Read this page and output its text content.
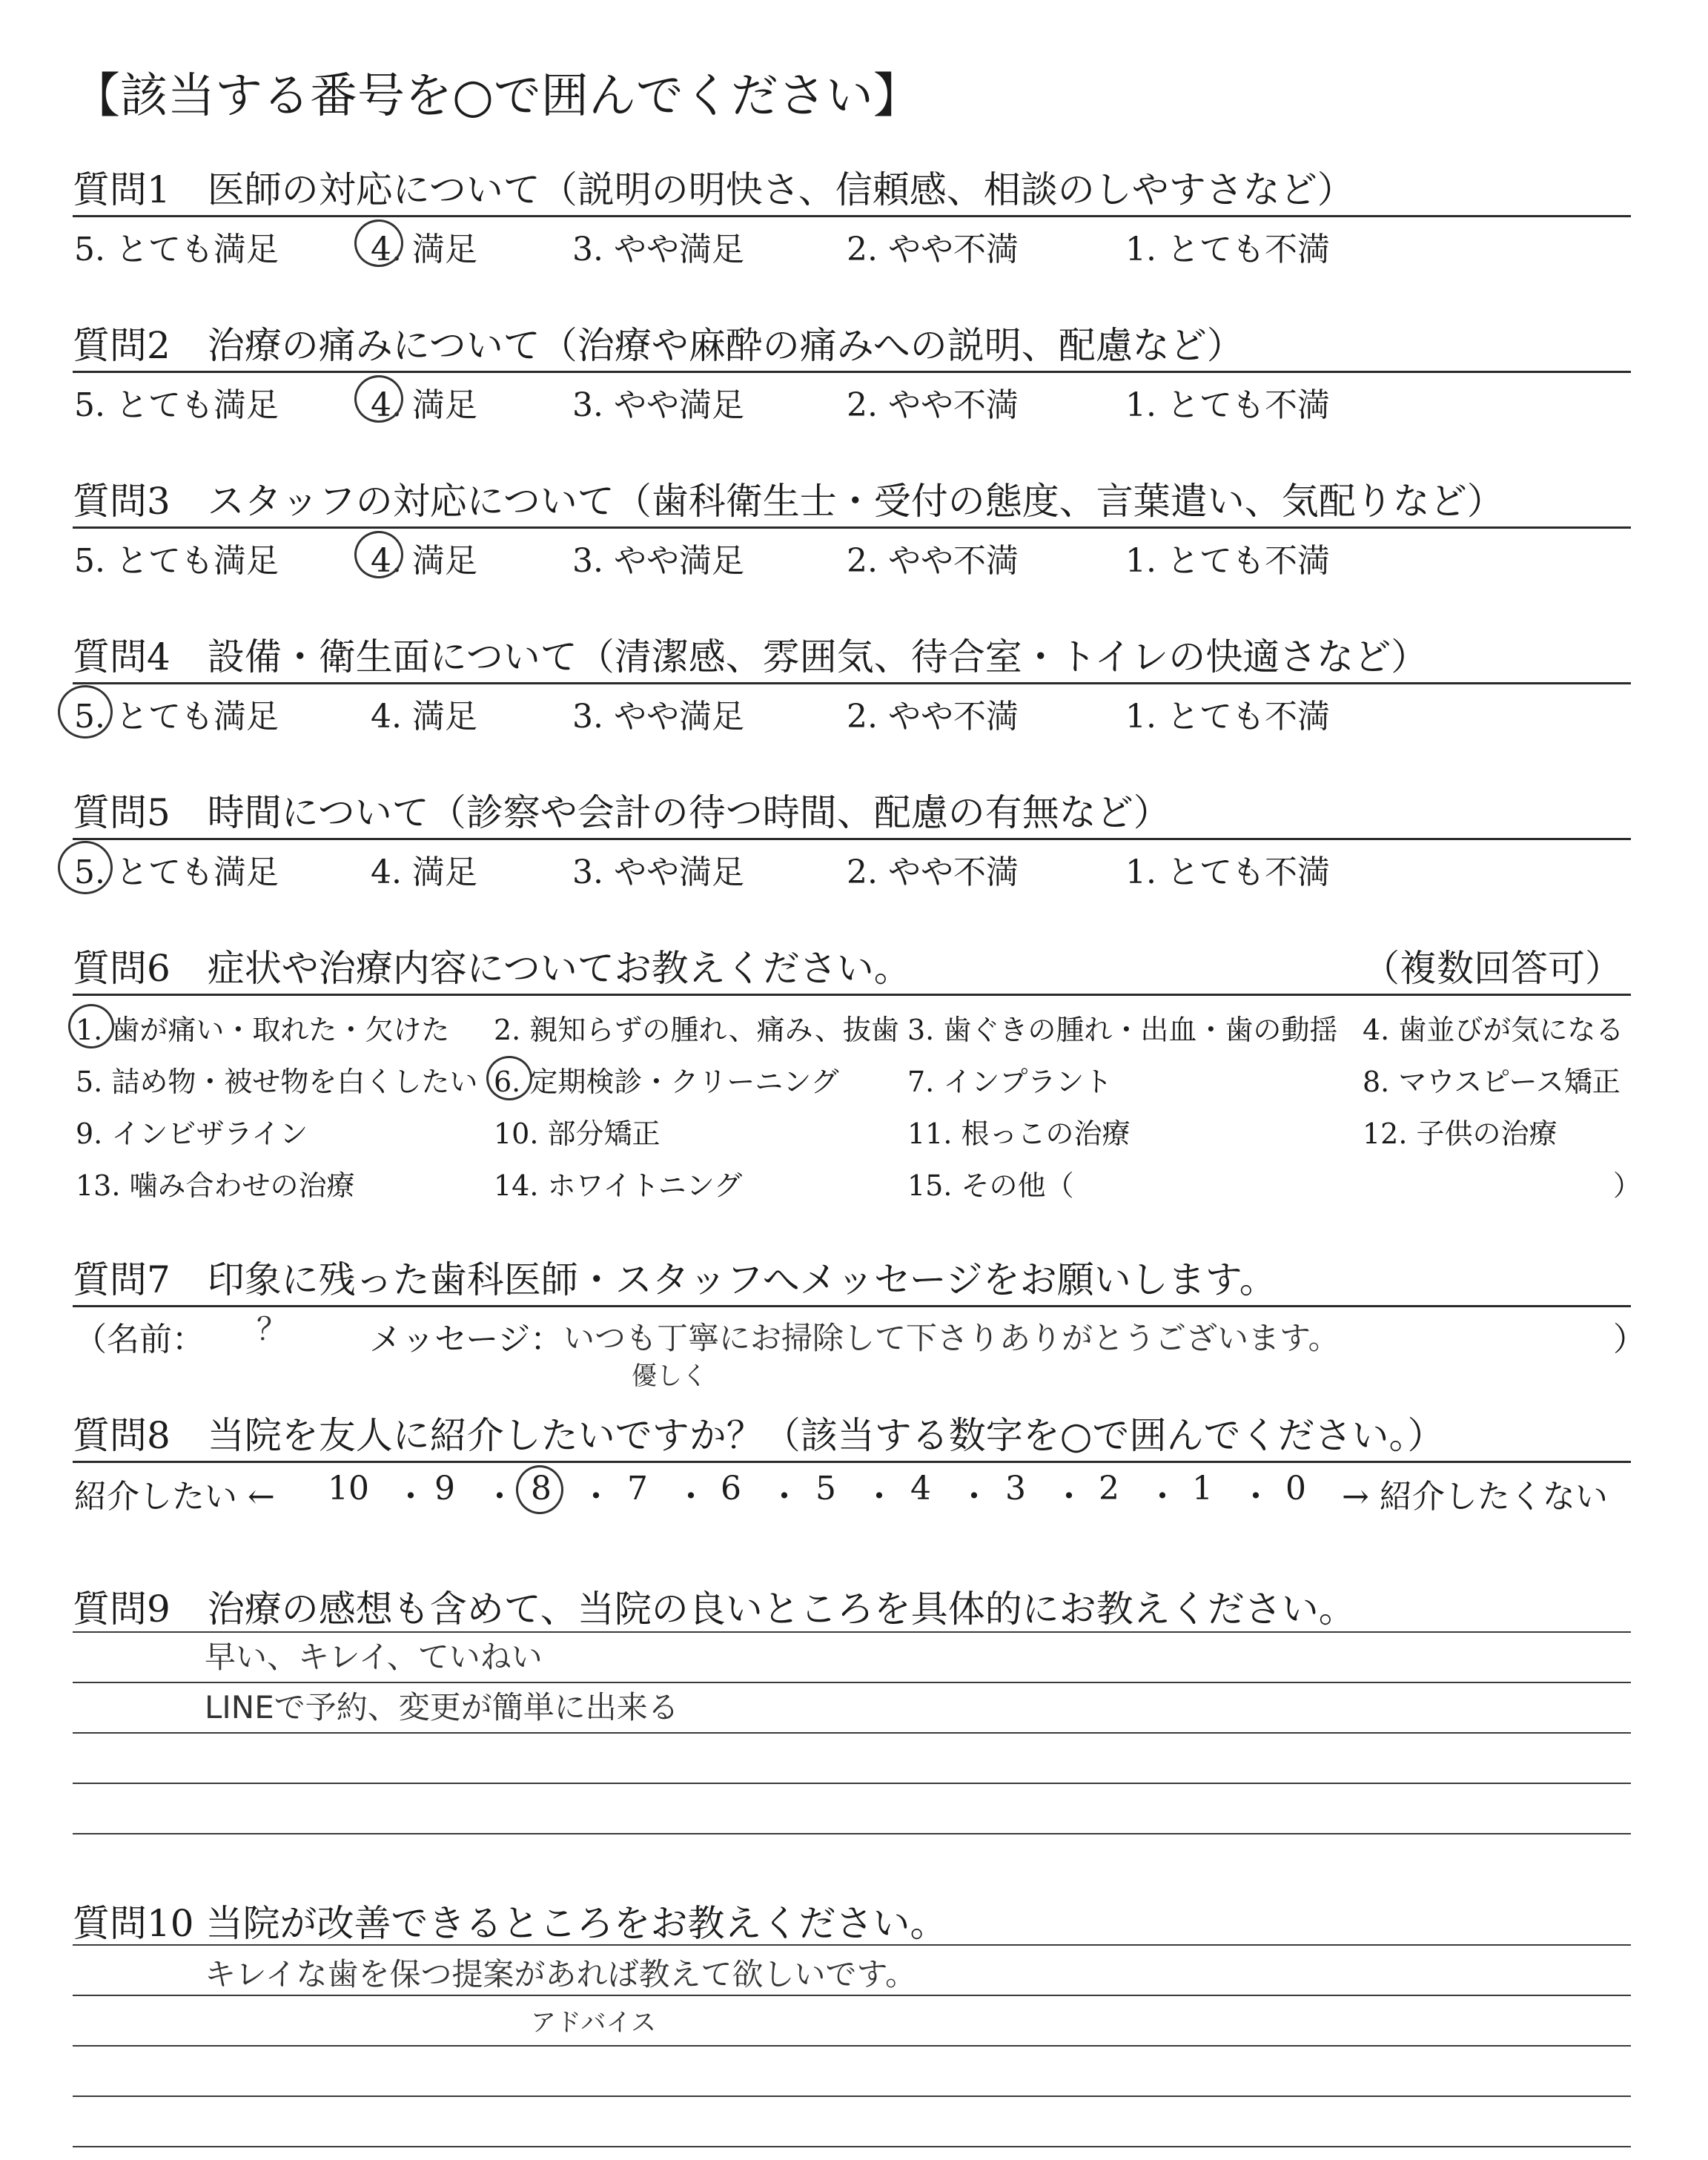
【該当する番号を○で囲んでください】
質問1　医師の対応について（説明の明快さ、信頼感、相談のしやすさなど）
5. とても満足	4. 満足	3. やや満足	2. やや不満	1. とても不満
質問2　治療の痛みについて（治療や麻酔の痛みへの説明、配慮など）
5. とても満足	4. 満足	3. やや満足	2. やや不満	1. とても不満
質問3　スタッフの対応について（歯科衛生士・受付の態度、言葉遣い、気配りなど）
5. とても満足	4. 満足	3. やや満足	2. やや不満	1. とても不満
質問4　設備・衛生面について（清潔感、雰囲気、待合室・トイレの快適さなど）
5. とても満足	4. 満足	3. やや満足	2. やや不満	1. とても不満
質問5　時間について（診察や会計の待つ時間、配慮の有無など）
5. とても満足	4. 満足	3. やや満足	2. やや不満	1. とても不満
質問6　症状や治療内容についてお教えください。	（複数回答可）
1. 歯が痛い・取れた・欠けた 2. 親知らずの腫れ、痛み、抜歯 3. 歯ぐきの腫れ・出血・歯の動揺 4. 歯並びが気になる
5. 詰め物・被せ物を白くしたい 6. 定期検診・クリーニング 7. インプラント	8. マウスピース矯正
9. インビザライン	10. 部分矯正	11. 根っこの治療	12. 子供の治療
13. 噛み合わせの治療	14. ホワイトニング	15. その他（	）
質問7　印象に残った歯科医師・スタッフへメッセージをお願いします。
（名前： ？ メッセージ： いつも丁寧にお掃除して下さりありがとうございます。
優しく
）
質問8　当院を友人に紹介したいですか？（該当する数字を○で囲んでください。）
紹介したい ←	→ 紹介したくない
10 ・ 9 ・ 8 ・ 7 ・ 6 ・ 5 ・ 4 ・ 3 ・ 2 ・ 1 ・ 0
質問9　治療の感想も含めて、当院の良いところを具体的にお教えください。
早い、キレイ、ていねい
LINEで予約、変更が簡単に出来る
質問10 当院が改善できるところをお教えください。
キレイな歯を保つ提案があれば教えて欲しいです。
アドバイス
